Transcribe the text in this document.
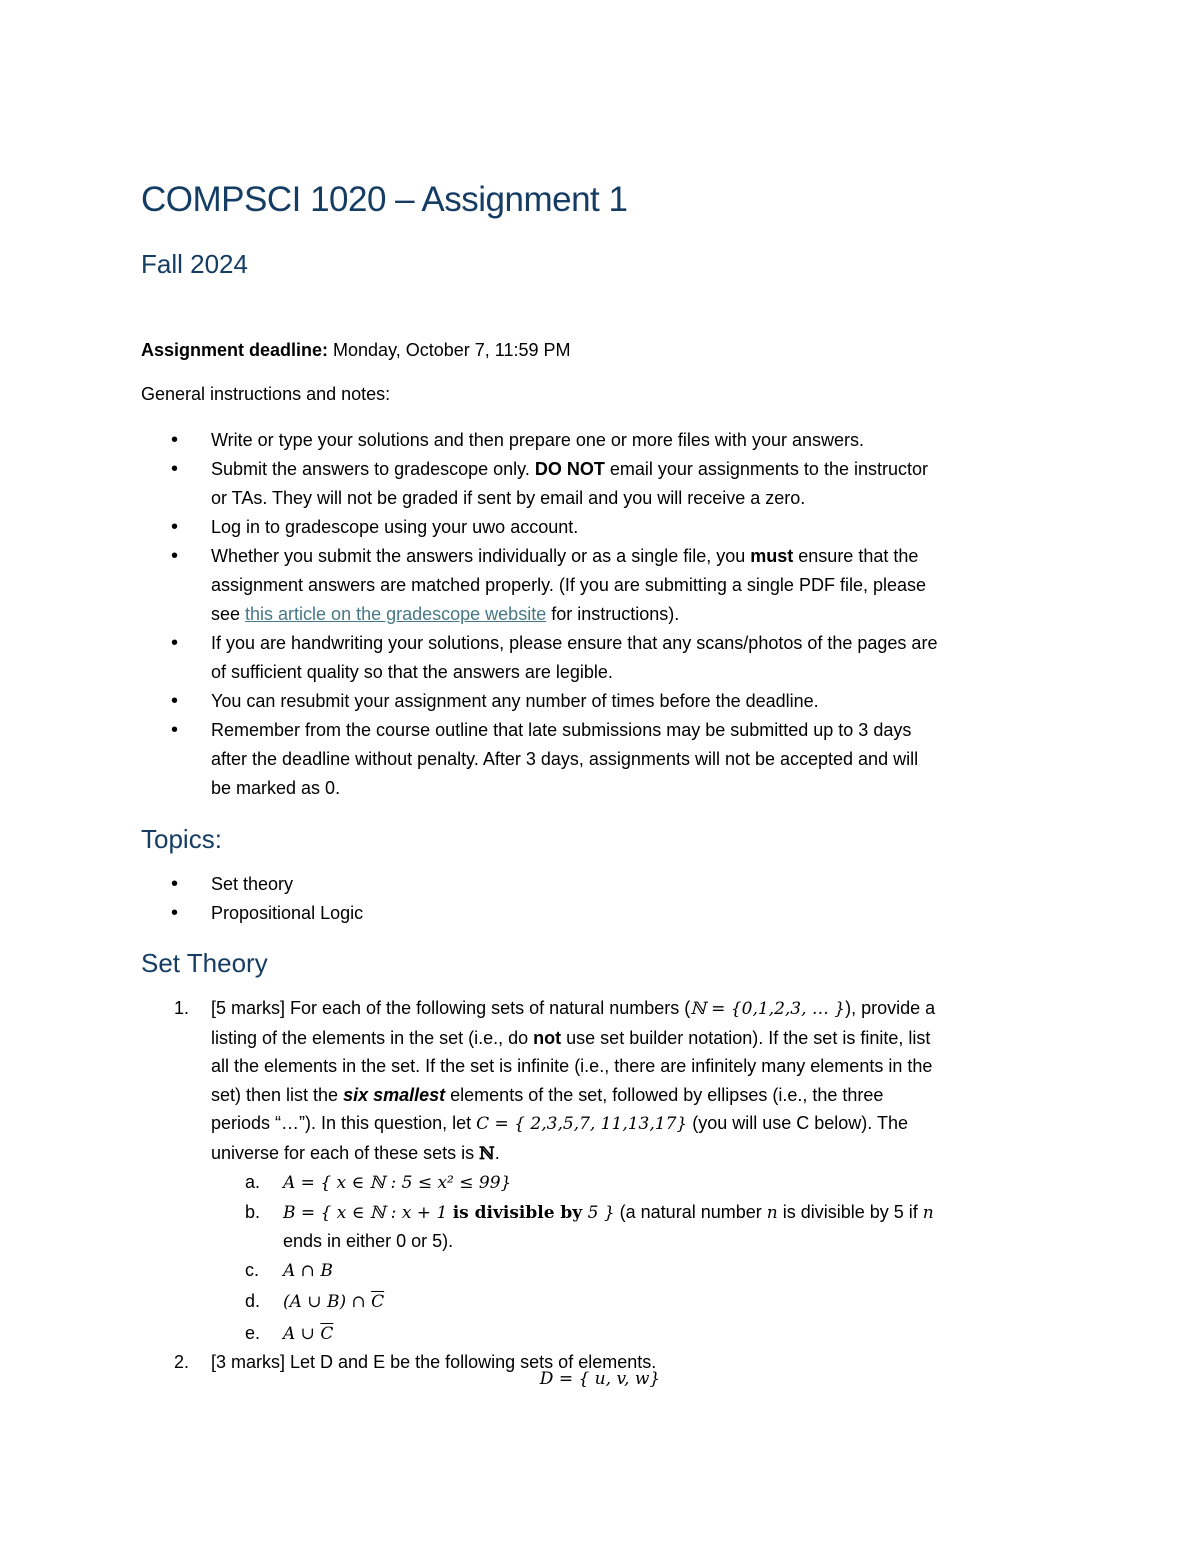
COMPSCI 1020 – Assignment 1
Fall 2024

Assignment deadline: Monday, October 7, 11:59 PM

General instructions and notes:

• Write or type your solutions and then prepare one or more files with your answers.
• Submit the answers to gradescope only. DO NOT email your assignments to the instructor
or TAs. They will not be graded if sent by email and you will receive a zero.
• Log in to gradescope using your uwo account.
• Whether you submit the answers individually or as a single file, you must ensure that the
assignment answers are matched properly. (If you are submitting a single PDF file, please
see this article on the gradescope website for instructions).
• If you are handwriting your solutions, please ensure that any scans/photos of the pages are
of sufficient quality so that the answers are legible.
• You can resubmit your assignment any number of times before the deadline.
• Remember from the course outline that late submissions may be submitted up to 3 days
after the deadline without penalty. After 3 days, assignments will not be accepted and will
be marked as 0.
Topics:
• Set theory
• Propositional Logic
Set Theory
1. [5 marks] For each of the following sets of natural numbers (ℕ = {0,1,2,3, … }), provide a
listing of the elements in the set (i.e., do not use set builder notation). If the set is finite, list
all the elements in the set. If the set is infinite (i.e., there are infinitely many elements in the
set) then list the six smallest elements of the set, followed by ellipses (i.e., the three
periods “…”). In this question, let C = { 2,3,5,7, 11,13,17} (you will use C below). The
universe for each of these sets is ℕ.
a. A = { x ∈ ℕ : 5 ≤ x² ≤ 99}
b. B = { x ∈ ℕ : x + 1 is divisible by 5 } (a natural number n is divisible by 5 if n
ends in either 0 or 5).
c. A ∩ B
d. (A ∪ B) ∩ $\overline{C}$
e. A ∪ $\overline{C}$
2. [3 marks] Let D and E be the following sets of elements.
D = { u, v, w}
